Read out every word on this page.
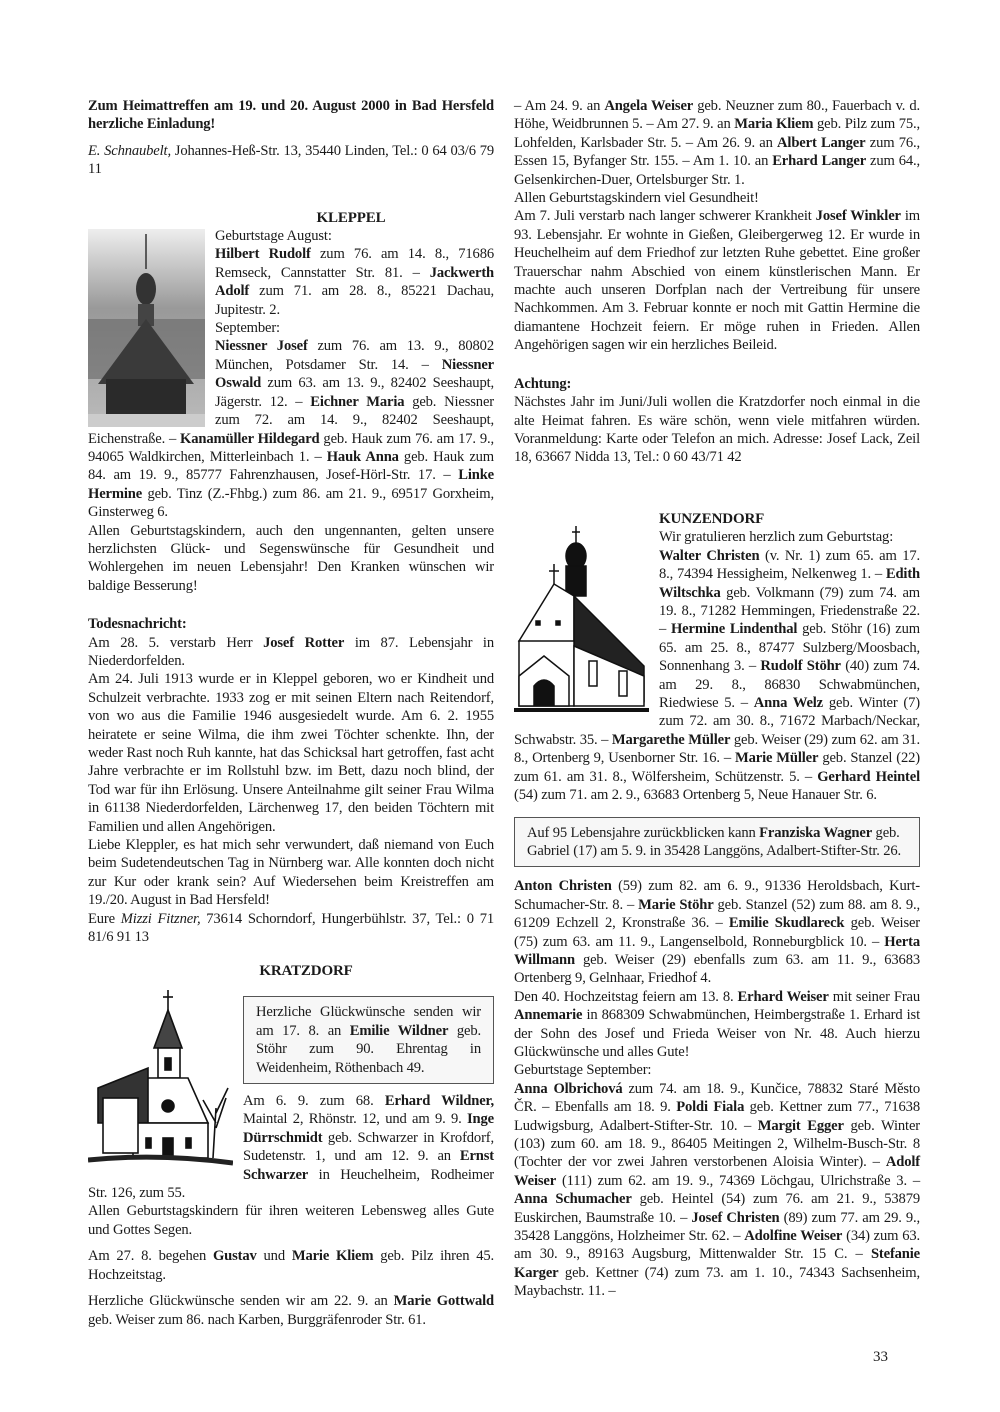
Zum Heimattreffen am 19. und 20. August 2000 in Bad Hersfeld herzliche Einladung!

E. Schnaubelt, Johannes-Heß-Str. 13, 35440 Linden, Tel.: 0 64 03/6 79 11

KLEPPEL

Geburtstage August:

Hilbert Rudolf zum 76. am 14. 8., 71686 Remseck, Cannstatter Str. 81. – Jackwerth Adolf zum 71. am 28. 8., 85221 Dachau, Jupitestr. 2.

September:

Niessner Josef zum 76. am 13. 9., 80802 München, Potsdamer Str. 14. – Niessner Oswald zum 63. am 13. 9., 82402 Seeshaupt, Jägerstr. 12. – Eichner Maria geb. Niessner zum 72. am 14. 9., 82402 Seeshaupt, Eichenstraße. – Kanamüller Hildegard geb. Hauk zum 76. am 17. 9., 94065 Waldkirchen, Mitterleinbach 1. – Hauk Anna geb. Hauk zum 84. am 19. 9., 85777 Fahrenzhausen, Josef-Hörl-Str. 17. – Linke Hermine geb. Tinz (Z.-Fhbg.) zum 86. am 21. 9., 69517 Gorxheim, Ginsterweg 6.

Allen Geburtstagskindern, auch den ungennanten, gelten unsere herzlichsten Glück- und Segenswünsche für Gesundheit und Wohlergehen im neuen Lebensjahr! Den Kranken wünschen wir baldige Besserung!

Todesnachricht:

Am 28. 5. verstarb Herr Josef Rotter im 87. Lebensjahr in Niederdorfelden.

Am 24. Juli 1913 wurde er in Kleppel geboren, wo er Kindheit und Schulzeit verbrachte. 1933 zog er mit seinen Eltern nach Reitendorf, von wo aus die Familie 1946 ausgesiedelt wurde. Am 6. 2. 1955 heiratete er seine Wilma, die ihm zwei Töchter schenkte. Ihn, der weder Rast noch Ruh kannte, hat das Schicksal hart getroffen, fast acht Jahre verbrachte er im Rollstuhl bzw. im Bett, dazu noch blind, der Tod war für ihn Erlösung. Unsere Anteilnahme gilt seiner Frau Wilma in 61138 Niederdorfelden, Lärchenweg 17, den beiden Töchtern mit Familien und allen Angehörigen.

Liebe Kleppler, es hat mich sehr verwundert, daß niemand von Euch beim Sudetendeutschen Tag in Nürnberg war. Alle konnten doch nicht zur Kur oder krank sein? Auf Wiedersehen beim Kreistreffen am 19./20. August in Bad Hersfeld!

Eure Mizzi Fitzner, 73614 Schorndorf, Hungerbühlstr. 37, Tel.: 0 71 81/6 91 13

KRATZDORF

Herzliche Glückwünsche senden wir am 17. 8. an Emilie Wildner geb. Stöhr zum 90. Ehrentag in Weidenheim, Röthenbach 49.

Am 6. 9. zum 68. Erhard Wildner, Maintal 2, Rhönstr. 12, und am 9. 9. Inge Dürrschmidt geb. Schwarzer in Krofdorf, Sudetenstr. 1, und am 12. 9. an Ernst Schwarzer in Heuchelheim, Rodheimer Str. 126, zum 55.

Allen Geburtstagskindern für ihren weiteren Lebensweg alles Gute und Gottes Segen.

Am 27. 8. begehen Gustav und Marie Kliem geb. Pilz ihren 45. Hochzeitstag.

Herzliche Glückwünsche senden wir am 22. 9. an Marie Gottwald geb. Weiser zum 86. nach Karben, Burggräfenroder Str. 61.

– Am 24. 9. an Angela Weiser geb. Neuzner zum 80., Fauerbach v. d. Höhe, Weidbrunnen 5. – Am 27. 9. an Maria Kliem geb. Pilz zum 75., Lohfelden, Karlsbader Str. 5. – Am 26. 9. an Albert Langer zum 76., Essen 15, Byfanger Str. 155. – Am 1. 10. an Erhard Langer zum 64., Gelsenkirchen-Duer, Ortelsburger Str. 1.

Allen Geburtstagskindern viel Gesundheit!

Am 7. Juli verstarb nach langer schwerer Krankheit Josef Winkler im 93. Lebensjahr. Er wohnte in Gießen, Gleibergerweg 12. Er wurde in Heuchelheim auf dem Friedhof zur letzten Ruhe gebettet. Eine großer Trauerschar nahm Abschied von einem künstlerischen Mann. Er machte auch unseren Dorfplan nach der Vertreibung für unsere Nachkommen. Am 3. Februar konnte er noch mit Gattin Hermine die diamantene Hochzeit feiern. Er möge ruhen in Frieden. Allen Angehörigen sagen wir ein herzliches Beileid.

Achtung:

Nächstes Jahr im Juni/Juli wollen die Kratzdorfer noch einmal in die alte Heimat fahren. Es wäre schön, wenn viele mitfahren würden. Voranmeldung: Karte oder Telefon an mich. Adresse: Josef Lack, Zeil 18, 63667 Nidda 13, Tel.: 0 60 43/71 42

KUNZENDORF

Wir gratulieren herzlich zum Geburtstag:

Walter Christen (v. Nr. 1) zum 65. am 17. 8., 74394 Hessigheim, Nelkenweg 1. – Edith Wiltschka geb. Volkmann (79) zum 74. am 19. 8., 71282 Hemmingen, Friedenstraße 22. – Hermine Lindenthal geb. Stöhr (16) zum 65. am 25. 8., 87477 Sulzberg/Moosbach, Sonnenhang 3. – Rudolf Stöhr (40) zum 74. am 29. 8., 86830 Schwabmünchen, Riedwiese 5. – Anna Welz geb. Winter (7) zum 72. am 30. 8., 71672 Marbach/Neckar, Schwabstr. 35. – Margarethe Müller geb. Weiser (29) zum 62. am 31. 8., Ortenberg 9, Usenborner Str. 16. – Marie Müller geb. Stanzel (22) zum 61. am 31. 8., Wölfersheim, Schützenstr. 5. – Gerhard Heintel (54) zum 71. am 2. 9., 63683 Ortenberg 5, Neue Hanauer Str. 6.

Auf 95 Lebensjahre zurückblicken kann Franziska Wagner geb. Gabriel (17) am 5. 9. in 35428 Langgöns, Adalbert-Stifter-Str. 26.

Anton Christen (59) zum 82. am 6. 9., 91336 Heroldsbach, Kurt-Schumacher-Str. 8. – Marie Stöhr geb. Stanzel (52) zum 88. am 8. 9., 61209 Echzell 2, Kronstraße 36. – Emilie Skudlareck geb. Weiser (75) zum 63. am 11. 9., Langenselbold, Ronneburgblick 10. – Herta Willmann geb. Weiser (29) ebenfalls zum 63. am 11. 9., 63683 Ortenberg 9, Gelnhaar, Friedhof 4.

Den 40. Hochzeitstag feiern am 13. 8. Erhard Weiser mit seiner Frau Annemarie in 868309 Schwabmünchen, Heimbergstraße 1. Erhard ist der Sohn des Josef und Frieda Weiser von Nr. 48. Auch hierzu Glückwünsche und alles Gute!

Geburtstage September:

Anna Olbrichová zum 74. am 18. 9., Kunčice, 78832 Staré Město ČR. – Ebenfalls am 18. 9. Poldi Fiala geb. Kettner zum 77., 71638 Ludwigsburg, Adalbert-Stifter-Str. 10. – Margit Egger geb. Winter (103) zum 60. am 18. 9., 86405 Meitingen 2, Wilhelm-Busch-Str. 8 (Tochter der vor zwei Jahren verstorbenen Aloisia Winter). – Adolf Weiser (111) zum 62. am 19. 9., 74369 Löchgau, Ulrichstraße 3. – Anna Schumacher geb. Heintel (54) zum 76. am 21. 9., 53879 Euskirchen, Baumstraße 10. – Josef Christen (89) zum 77. am 29. 9., 35428 Langgöns, Holzheimer Str. 62. – Adolfine Weiser (34) zum 63. am 30. 9., 89163 Augsburg, Mittenwalder Str. 15 C. – Stefanie Karger geb. Kettner (74) zum 73. am 1. 10., 74343 Sachsenheim, Maybachstr. 11. –

33
